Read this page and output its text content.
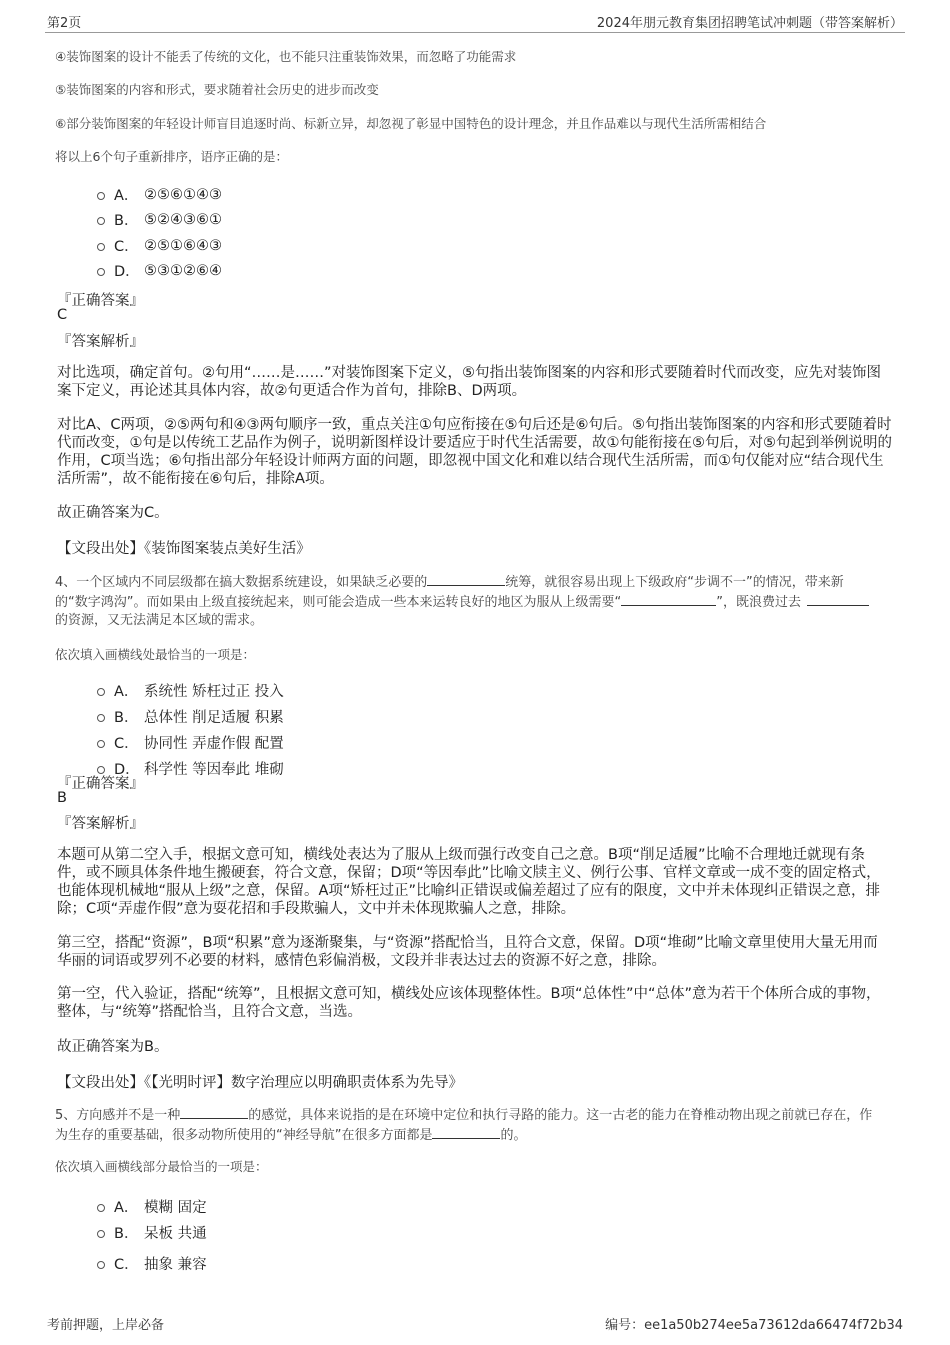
第2页	2024年朋元教育集团招聘笔试冲刺题（带答案解析）
④装饰图案的设计不能丢了传统的文化，也不能只注重装饰效果，而忽略了功能需求
⑤装饰图案的内容和形式，要求随着社会历史的进步而改变
⑥部分装饰图案的年轻设计师盲目追逐时尚、标新立异，却忽视了彰显中国特色的设计理念，并且作品难以与现代生活所需相结合
将以上6个句子重新排序，语序正确的是：
A． ②⑤⑥①④③
B． ⑤②④③⑥①
C． ②⑤①⑥④③
D． ⑤③①②⑥④
『正确答案』
C
『答案解析』
对比选项，确定首句。②句用“……是……”对装饰图案下定义，⑤句指出装饰图案的内容和形式要随着时代而改变，应先对装饰图案下定义，再论述其具体内容，故②句更适合作为首句，排除B、D两项。
对比A、C两项，②⑤两句和④③两句顺序一致，重点关注①句应衔接在⑤句后还是⑥句后。⑤句指出装饰图案的内容和形式要随着时代而改变，①句是以传统工艺品作为例子，说明新图样设计要适应于时代生活需要，故①句能衔接在⑤句后，对⑤句起到举例说明的作用，C项当选；⑥句指出部分年轻设计师两方面的问题，即忽视中国文化和难以结合现代生活所需，而①句仅能对应“结合现代生活所需”，故不能衔接在⑥句后，排除A项。
故正确答案为C。
【文段出处】《装饰图案装点美好生活》
4、一个区域内不同层级都在搞大数据系统建设，如果缺乏必要的	统筹，就很容易出现上下级政府“步调不一”的情况，带来新
的“数字鸿沟”。而如果由上级直接统起来，则可能会造成一些本来运转良好的地区为服从上级需要“	”，既浪费过去
的资源，又无法满足本区域的需求。
依次填入画横线处最恰当的一项是：
A． 系统性 矫枉过正 投入
B． 总体性 削足适履 积累
C． 协同性 弄虚作假 配置
D． 科学性 等因奉此 堆砌
『正确答案』
B
『答案解析』
本题可从第二空入手，根据文意可知，横线处表达为了服从上级而强行改变自己之意。B项“削足适履”比喻不合理地迁就现有条件，或不顾具体条件地生搬硬套，符合文意，保留；D项“等因奉此”比喻文牍主义、例行公事、官样文章或一成不变的固定格式，也能体现机械地“服从上级”之意，保留。A项“矫枉过正”比喻纠正错误或偏差超过了应有的限度，文中并未体现纠正错误之意，排除；C项“弄虚作假”意为耍花招和手段欺骗人，文中并未体现欺骗人之意，排除。
第三空，搭配“资源”，B项“积累”意为逐渐聚集，与“资源”搭配恰当，且符合文意，保留。D项“堆砌”比喻文章里使用大量无用而华丽的词语或罗列不必要的材料，感情色彩偏消极，文段并非表达过去的资源不好之意，排除。
第一空，代入验证，搭配“统筹”，且根据文意可知，横线处应该体现整体性。B项“总体性”中“总体”意为若干个体所合成的事物，整体，与“统筹”搭配恰当，且符合文意，当选。
故正确答案为B。
【文段出处】《【光明时评】数字治理应以明确职责体系为先导》
5、方向感并不是一种	的感觉，具体来说指的是在环境中定位和执行寻路的能力。这一古老的能力在脊椎动物出现之前就已存在，作
为生存的重要基础，很多动物所使用的“神经导航”在很多方面都是	的。
依次填入画横线部分最恰当的一项是：
A． 模糊 固定
B． 呆板 共通
C． 抽象 兼容
考前押题，上岸必备	编号：ee1a50b274ee5a73612da66474f72b34
